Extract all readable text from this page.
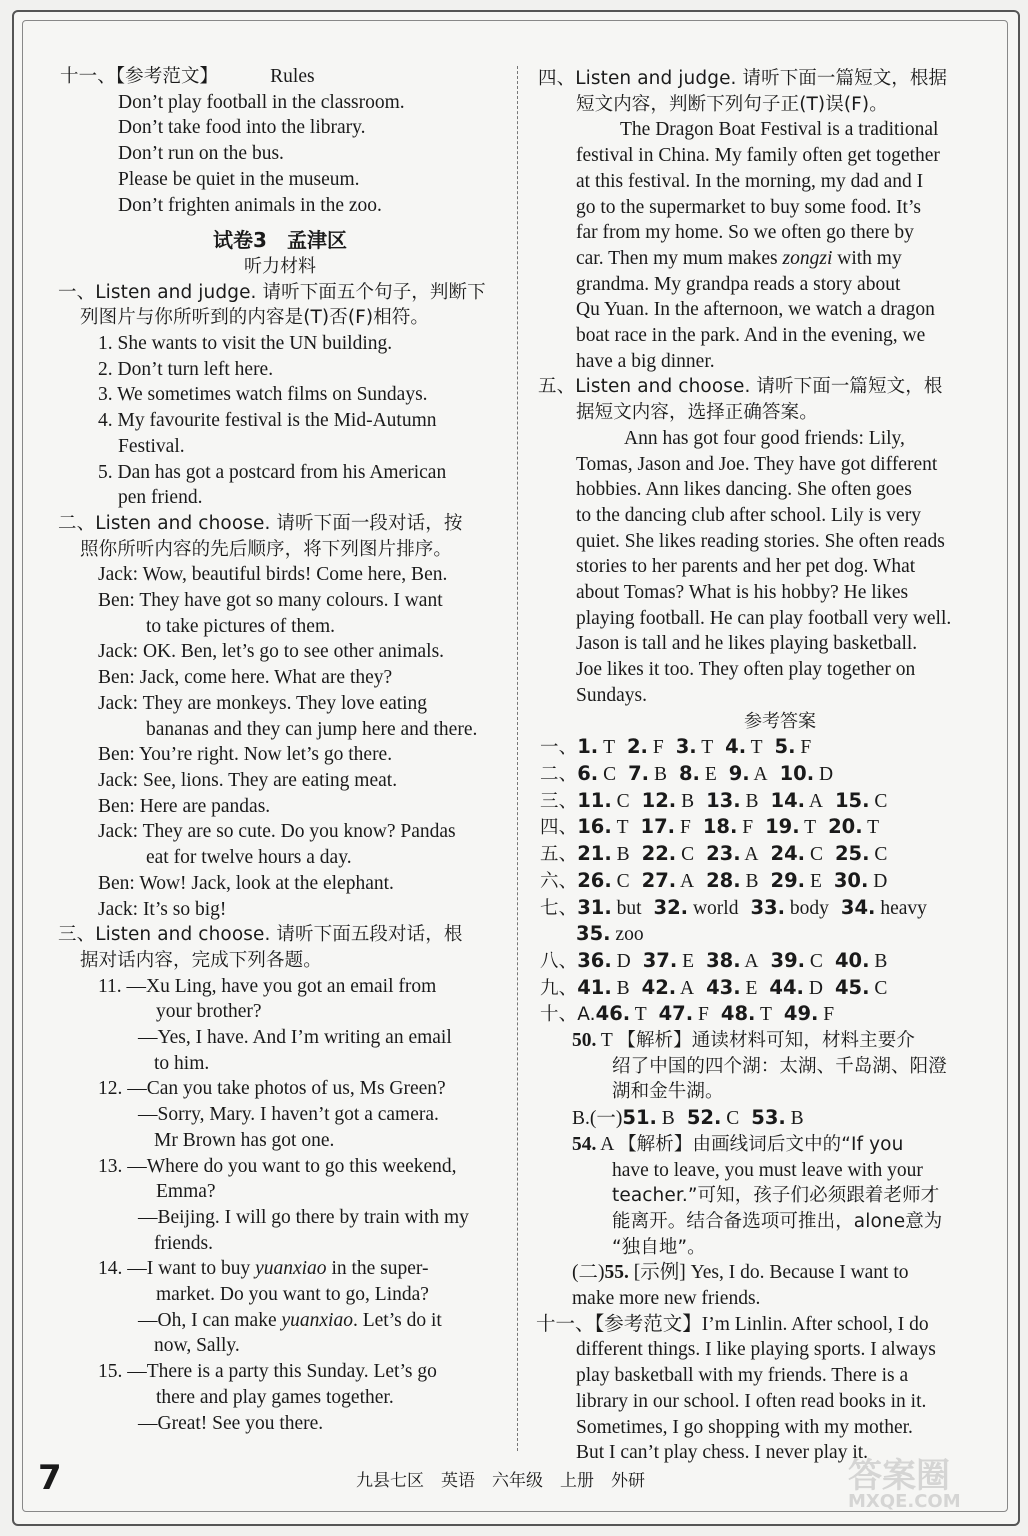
十一、【参考范文】	Rules
Don’t play football in the classroom.
Don’t take food into the library.
Don’t run on the bus.
Please be quiet in the museum.
Don’t frighten animals in the zoo.
试卷3　孟津区
听力材料
一、Listen and judge. 请听下面五个句子，判断下
列图片与你所听到的内容是(T)否(F)相符。
1. She wants to visit the UN building.
2. Don’t turn left here.
3. We sometimes watch films on Sundays.
4. My favourite festival is the Mid-Autumn
Festival.
5. Dan has got a postcard from his American
pen friend.
二、Listen and choose. 请听下面一段对话，按
照你所听内容的先后顺序，将下列图片排序。
Jack: Wow, beautiful birds! Come here, Ben.
Ben: They have got so many colours. I want
to take pictures of them.
Jack: OK. Ben, let’s go to see other animals.
Ben: Jack, come here. What are they?
Jack: They are monkeys. They love eating
bananas and they can jump here and there.
Ben: You’re right. Now let’s go there.
Jack: See, lions. They are eating meat.
Ben: Here are pandas.
Jack: They are so cute. Do you know? Pandas
eat for twelve hours a day.
Ben: Wow! Jack, look at the elephant.
Jack: It’s so big!
三、Listen and choose. 请听下面五段对话，根
据对话内容，完成下列各题。
11. —Xu Ling, have you got an email from
your brother?
—Yes, I have. And I’m writing an email
to him.
12. —Can you take photos of us, Ms Green?
—Sorry, Mary. I haven’t got a camera.
Mr Brown has got one.
13. —Where do you want to go this weekend,
Emma?
—Beijing. I will go there by train with my
friends.
14. —I want to buy yuanxiao in the super-
market. Do you want to go, Linda?
—Oh, I can make yuanxiao. Let’s do it
now, Sally.
15. —There is a party this Sunday. Let’s go
there and play games together.
—Great! See you there.
四、Listen and judge. 请听下面一篇短文，根据
短文内容，判断下列句子正(T)误(F)。
The Dragon Boat Festival is a traditional
festival in China. My family often get together
at this festival. In the morning, my dad and I
go to the supermarket to buy some food. It’s
far from my home. So we often go there by
car. Then my mum makes zongzi with my
grandma. My grandpa reads a story about
Qu Yuan. In the afternoon, we watch a dragon
boat race in the park. And in the evening, we
have a big dinner.
五、Listen and choose. 请听下面一篇短文，根
据短文内容，选择正确答案。
Ann has got four good friends: Lily,
Tomas, Jason and Joe. They have got different
hobbies. Ann likes dancing. She often goes
to the dancing club after school. Lily is very
quiet. She likes reading stories. She often reads
stories to her parents and her pet dog. What
about Tomas? What is his hobby? He likes
playing football. He can play football very well.
Jason is tall and he likes playing basketball.
Joe likes it too. They often play together on
Sundays.
参考答案
一、1. T 2. F 3. T 4. T 5. F
二、6. C 7. B 8. E 9. A 10. D
三、11. C 12. B 13. B 14. A 15. C
四、16. T 17. F 18. F 19. T 20. T
五、21. B 22. C 23. A 24. C 25. C
六、26. C 27. A 28. B 29. E 30. D
七、31. but 32. world 33. body 34. heavy
35. zoo
八、36. D 37. E 38. A 39. C 40. B
九、41. B 42. A 43. E 44. D 45. C
十、A.46. T 47. F 48. T 49. F
50. T 【解析】通读材料可知，材料主要介
绍了中国的四个湖：太湖、千岛湖、阳澄
湖和金牛湖。
B.(一)51. B 52. C 53. B
54. A 【解析】由画线词后文中的“If you
have to leave, you must leave with your
teacher.”可知，孩子们必须跟着老师才
能离开。结合备选项可推出，alone意为
“独自地”。
(二)55. [示例] Yes, I do. Because I want to
make more new friends.
十一、【参考范文】I’m Linlin. After school, I do
different things. I like playing sports. I always
play basketball with my friends. There is a
library in our school. I often read books in it.
Sometimes, I go shopping with my mother.
But I can’t play chess. I never play it.
7	九县七区　英语　六年级　上册　外研	答案圈
MXQE.COM
